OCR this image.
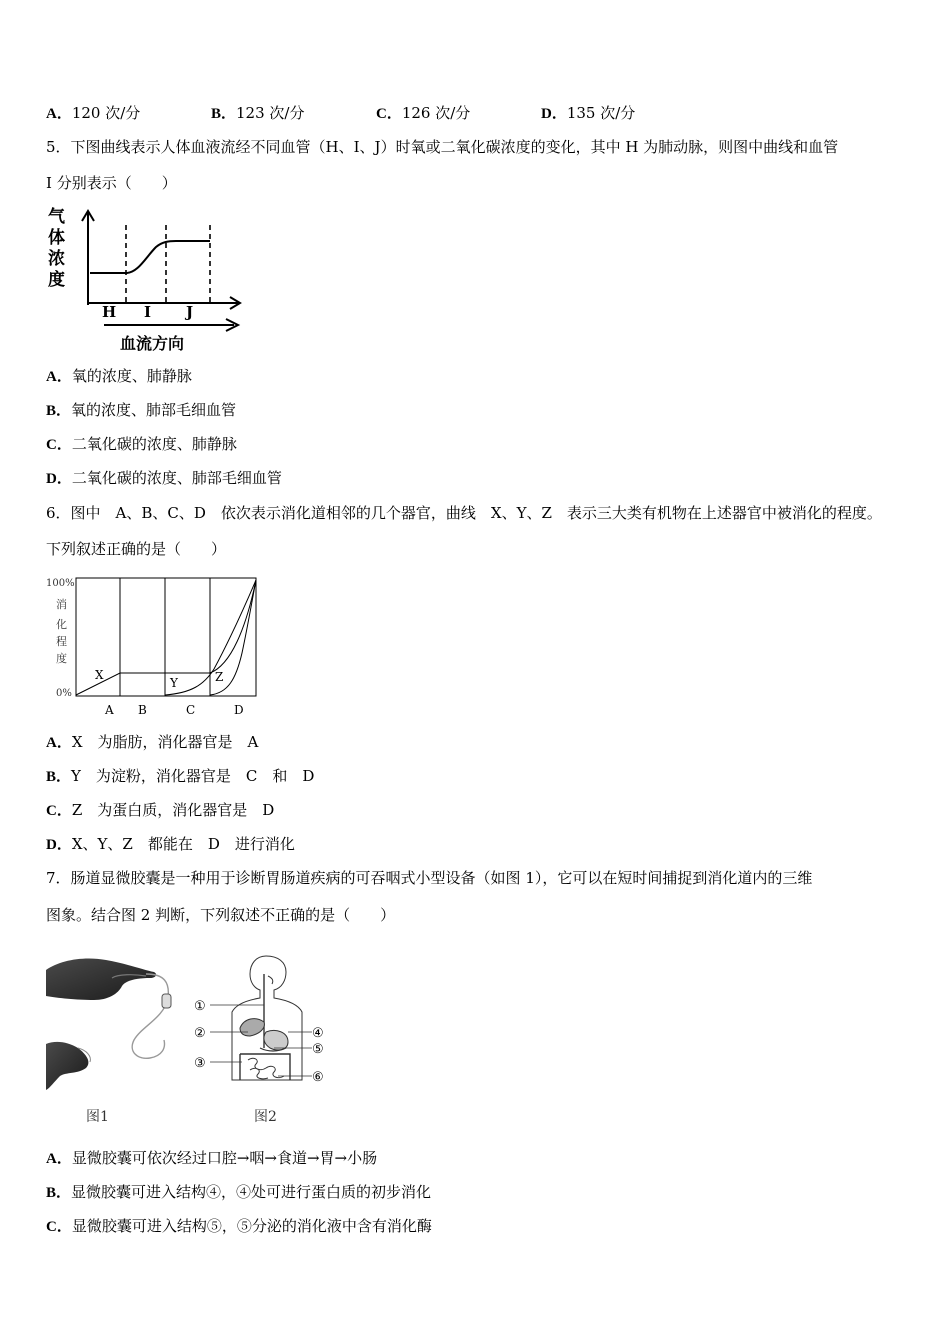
A．120 次/分	B．123 次/分	C．126 次/分	D．135 次/分
5．下图曲线表示人体血液流经不同血管（H、I、J）时氧或二氧化碳浓度的变化，其中 H 为肺动脉，则图中曲线和血管
I 分别表示（　　）
气
体
浓
度
H I J
血流方向
A．氧的浓度、肺静脉
B．氧的浓度、肺部毛细血管
C．二氧化碳的浓度、肺静脉
D．二氧化碳的浓度、肺部毛细血管
6．图中　A、B、C、D　依次表示消化道相邻的几个器官，曲线　X、Y、Z　表示三大类有机物在上述器官中被消化的程度。
下列叙述正确的是（　　）
100%
0%
消
化
程
度
X
Y	Z
A B	C	D
A．X　为脂肪，消化器官是　A
B．Y　为淀粉，消化器官是　C　和　D
C．Z　为蛋白质，消化器官是　D
D．X、Y、Z　都能在　D　进行消化
7．肠道显微胶囊是一种用于诊断胃肠道疾病的可吞咽式小型设备（如图 1），它可以在短时间捕捉到消化道内的三维
图象。结合图 2 判断，下列叙述不正确的是（　　）
①
②
③
④
⑤
⑥
图1	图2
A．显微胶囊可依次经过口腔→咽→食道→胃→小肠
B．显微胶囊可进入结构④，④处可进行蛋白质的初步消化
C．显微胶囊可进入结构⑤，⑤分泌的消化液中含有消化酶
